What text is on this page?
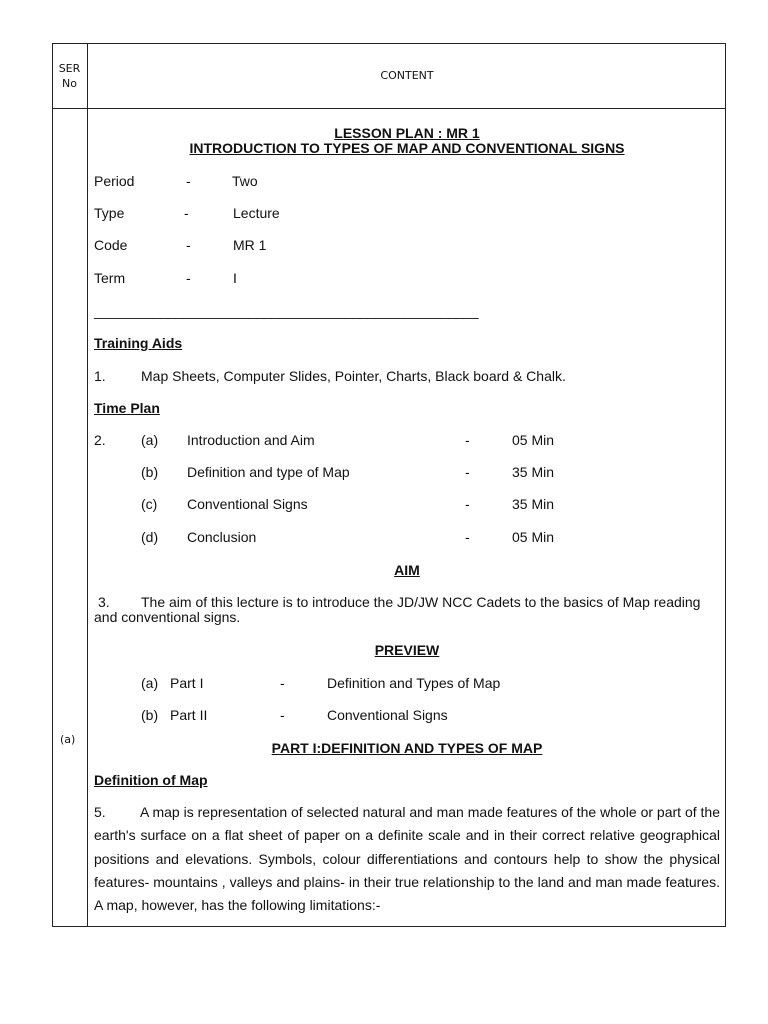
SER
No
CONTENT
(a)
LESSON PLAN : MR 1
INTRODUCTION TO TYPES OF MAP AND CONVENTIONAL SIGNS
Period	-	Two
Type	-	Lecture
Code	-	MR 1
Term	-	I
____________________________________________________
Training Aids
1.	Map Sheets, Computer Slides, Pointer, Charts, Black board & Chalk.
Time Plan
2.	(a) Introduction and Aim	-	05 Min
(b) Definition and type of Map	-	35 Min
(c) Conventional Signs	-	35 Min
(d) Conclusion	-	05 Min
AIM
3. The aim of this lecture is to introduce the JD/JW NCC Cadets to the basics of Map reading
and conventional signs.
PREVIEW
(a) Part I	-	Definition and Types of Map
(b) Part II	-	Conventional Signs
PART I:DEFINITION AND TYPES OF MAP
Definition of Map
5. A map is representation of selected natural and man made features of the whole or part of the earth's surface on a flat sheet of paper on a definite scale and in their correct relative geographical positions and elevations. Symbols, colour differentiations and contours help to show the physical features- mountains , valleys and plains- in their true relationship to the land and man made features. A map, however, has the following limitations:-
